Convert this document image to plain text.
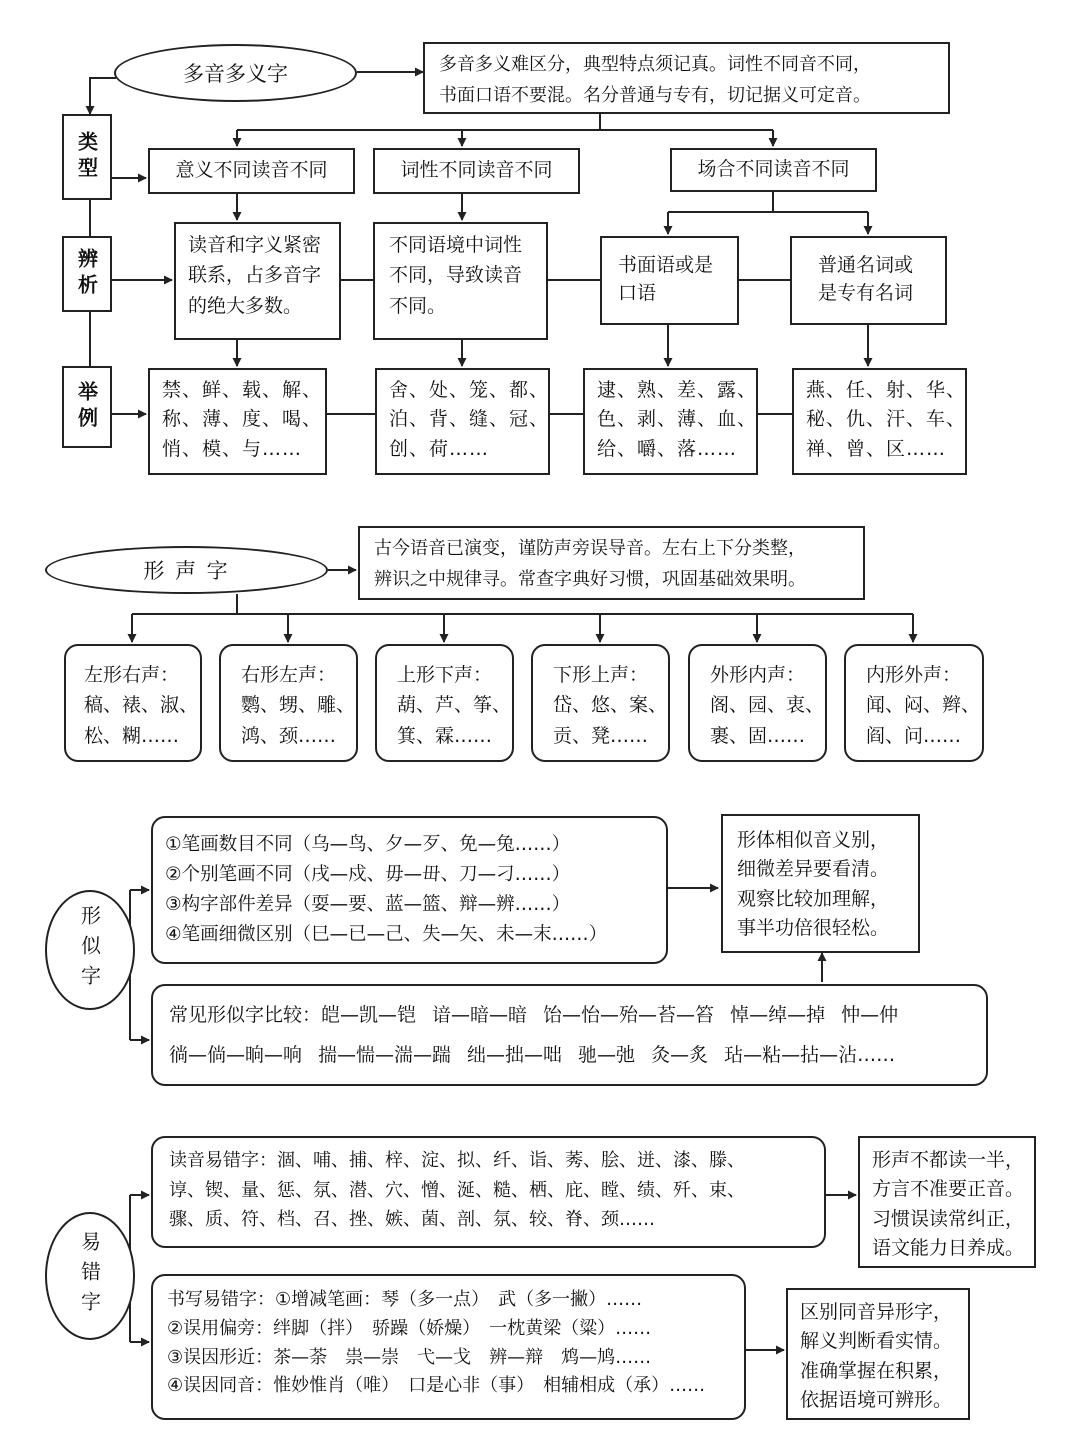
多音多义字	多音多义难区分，典型特点须记真。词性不同音不同，
书面口语不要混。名分普通与专有，切记据义可定音。
类型
辨析
举例
意义不同读音不同	词性不同读音不同	场合不同读音不同
读音和字义紧密联系，占多音字的绝大多数。
不同语境中词性不同，导致读音不同。
书面语或是口语
普通名词或是专有名词
禁、鲜、载、解、
称、薄、度、喝、
悄、模、与……
舍、处、笼、都、
泊、背、缝、冠、
创、荷……
逮、熟、差、露、
色、剥、薄、血、
给、嚼、落……
燕、任、射、华、
秘、仇、汗、车、
禅、曾、区……
形 声 字
古今语音已演变，谨防声旁误导音。左右上下分类整，
辨识之中规律寻。常查字典好习惯，巩固基础效果明。
左形右声：
稿、裱、淑、
松、糊……
右形左声：
鹦、甥、雕、
鸿、颈……
上形下声：
葫、芦、筝、
箕、霖……
下形上声：
岱、悠、案、
贡、凳……
外形内声：
阁、园、衷、
裹、固……
内形外声：
闻、闷、辫、
阎、问……
形似字
①笔画数目不同（乌—鸟、夕—歹、免—兔……）
②个别笔画不同（戌—戍、毋—毌、刀—刁……）
③构字部件差异（耍—要、蓝—篮、辩—辨……）
④笔画细微区别（巳—已—己、失—矢、未—末……）
形体相似音义别，
细微差异要看清。
观察比较加理解，
事半功倍很轻松。
常见形似字比较：皑—凯—铠 谙—暗—暗 饴—怡—殆—苔—笞 悼—绰—掉 忡—仲
徜—倘—晌—响 揣—惴—湍—踹 绌—拙—咄 驰—弛 灸—炙 玷—粘—拈—沾……
易错字
读音易错字：涸、哺、捕、梓、淀、拟、纤、诣、莠、脍、迸、漆、滕、
谆、锲、量、惩、氛、潜、穴、憎、涎、糙、栖、庇、瞠、绩、歼、束、
骤、质、符、档、召、挫、嫉、菌、剖、氛、较、脊、颈……
形声不都读一半，
方言不准要正音。
习惯误读常纠正，
语文能力日养成。
书写易错字：①增减笔画：琴（多一点）　武（多一撇）……
②误用偏旁：绊脚（拌）　骄躁（娇燥）　一枕黄梁（粱）……
③误因形近：茶—荼　祟—崇　弋—戈　辨—辩　鸩—鸠……
④误因同音：惟妙惟肖（唯）　口是心非（事）　相辅相成（承）……
区别同音异形字，
解义判断看实情。
准确掌握在积累，
依据语境可辨形。
